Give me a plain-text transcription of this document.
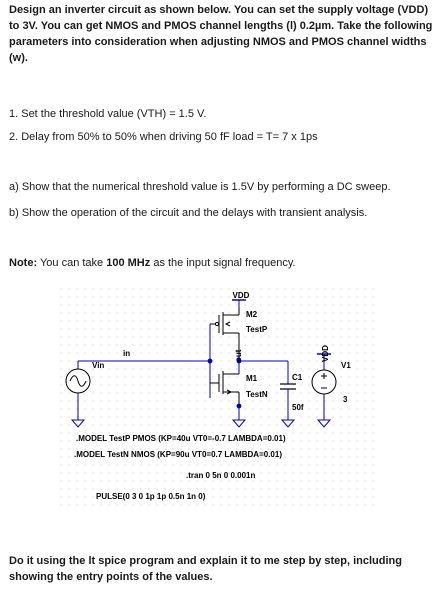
Design an inverter circuit as shown below. You can set the supply voltage (VDD) to 3V. You can get NMOS and PMOS channel lengths (l) 0.2µm. Take the following parameters into consideration when adjusting NMOS and PMOS channel widths (w).
1. Set the threshold value (VTH) = 1.5 V.
2. Delay from 50% to 50% when driving 50 fF load = T= 7 x 1ps
a) Show that the numerical threshold value is 1.5V by performing a DC sweep.
b) Show the operation of the circuit and the delays with transient analysis.
Note: You can take 100 MHz as the input signal frequency.
VDD
M2
TestP
in
Vin
out
M1
TestN
C1
50f
VDD
V1
3
.MODEL TestP PMOS (KP=40u VT0=-0.7 LAMBDA=0.01)
.MODEL TestN NMOS (KP=90u VT0=0.7 LAMBDA=0.01)
.tran 0 5n 0 0.001n
PULSE(0 3 0 1p 1p 0.5n 1n 0)
Do it using the lt spice program and explain it to me step by step, including showing the entry points of the values.
